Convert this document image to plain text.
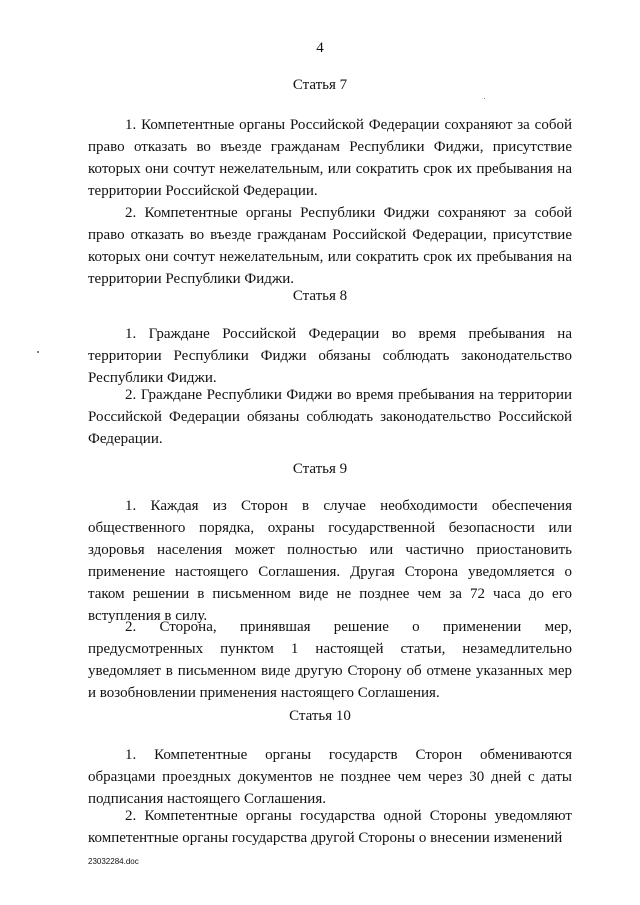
4
Статья 7
1. Компетентные органы Российской Федерации сохраняют за собой право отказать во въезде гражданам Республики Фиджи, присутствие которых они сочтут нежелательным, или сократить срок их пребывания на территории Российской Федерации.
2. Компетентные органы Республики Фиджи сохраняют за собой право отказать во въезде гражданам Российской Федерации, присутствие которых они сочтут нежелательным, или сократить срок их пребывания на территории Республики Фиджи.
Статья 8
1. Граждане Российской Федерации во время пребывания на территории Республики Фиджи обязаны соблюдать законодательство Республики Фиджи.
2. Граждане Республики Фиджи во время пребывания на территории Российской Федерации обязаны соблюдать законодательство Российской Федерации.
Статья 9
1. Каждая из Сторон в случае необходимости обеспечения общественного порядка, охраны государственной безопасности или здоровья населения может полностью или частично приостановить применение настоящего Соглашения. Другая Сторона уведомляется о таком решении в письменном виде не позднее чем за 72 часа до его вступления в силу.
2. Сторона, принявшая решение о применении мер, предусмотренных пунктом 1 настоящей статьи, незамедлительно уведомляет в письменном виде другую Сторону об отмене указанных мер и возобновлении применения настоящего Соглашения.
Статья 10
1. Компетентные органы государств Сторон обмениваются образцами проездных документов не позднее чем через 30 дней с даты подписания настоящего Соглашения.
2. Компетентные органы государства одной Стороны уведомляют компетентные органы государства другой Стороны о внесении изменений
23032284.doc
